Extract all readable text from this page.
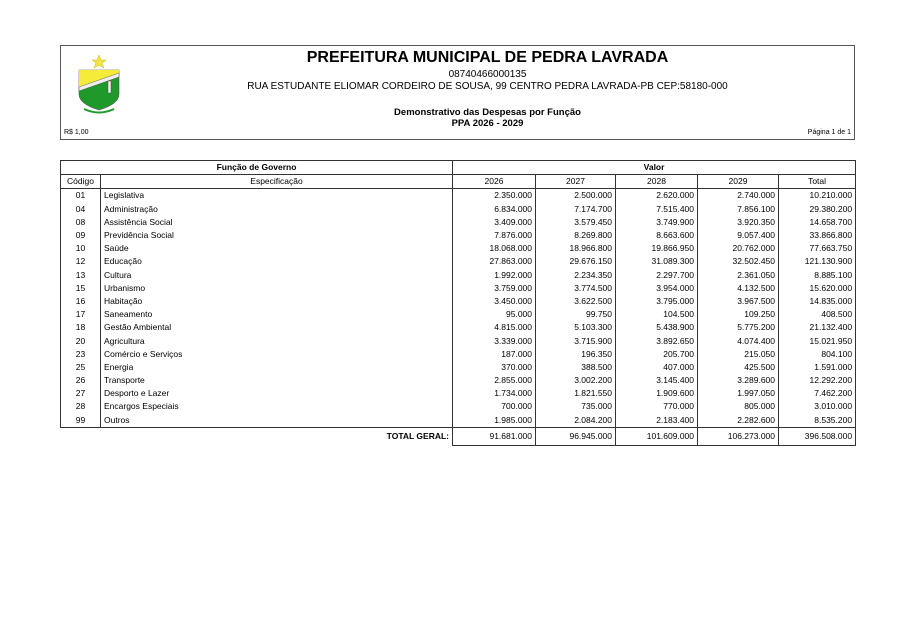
PREFEITURA MUNICIPAL DE PEDRA LAVRADA
08740466000135
RUA ESTUDANTE ELIOMAR CORDEIRO DE SOUSA, 99 CENTRO PEDRA LAVRADA-PB CEP:58180-000
Demonstrativo das Despesas por Função
PPA 2026 - 2029
R$ 1,00	Página 1 de 1
Função de Governo		Valor				
Código	Especificação	2026	2027	2028	2029	Total
01	Legislativa	2.350.000	2.500.000	2.620.000	2.740.000	10.210.000
04	Administração	6.834.000	7.174.700	7.515.400	7.856.100	29.380.200
08	Assistência Social	3.409.000	3.579.450	3.749.900	3.920.350	14.658.700
09	Previdência Social	7.876.000	8.269.800	8.663.600	9.057.400	33.866.800
10	Saúde	18.068.000	18.966.800	19.866.950	20.762.000	77.663.750
12	Educação	27.863.000	29.676.150	31.089.300	32.502.450	121.130.900
13	Cultura	1.992.000	2.234.350	2.297.700	2.361.050	8.885.100
15	Urbanismo	3.759.000	3.774.500	3.954.000	4.132.500	15.620.000
16	Habitação	3.450.000	3.622.500	3.795.000	3.967.500	14.835.000
17	Saneamento	95.000	99.750	104.500	109.250	408.500
18	Gestão Ambiental	4.815.000	5.103.300	5.438.900	5.775.200	21.132.400
20	Agricultura	3.339.000	3.715.900	3.892.650	4.074.400	15.021.950
23	Comércio e Serviços	187.000	196.350	205.700	215.050	804.100
25	Energia	370.000	388.500	407.000	425.500	1.591.000
26	Transporte	2.855.000	3.002.200	3.145.400	3.289.600	12.292.200
27	Desporto e Lazer	1.734.000	1.821.550	1.909.600	1.997.050	7.462.200
28	Encargos Especiais	700.000	735.000	770.000	805.000	3.010.000
99	Outros	1.985.000	2.084.200	2.183.400	2.282.600	8.535.200
	TOTAL GERAL:	91.681.000	96.945.000	101.609.000	106.273.000	396.508.000
